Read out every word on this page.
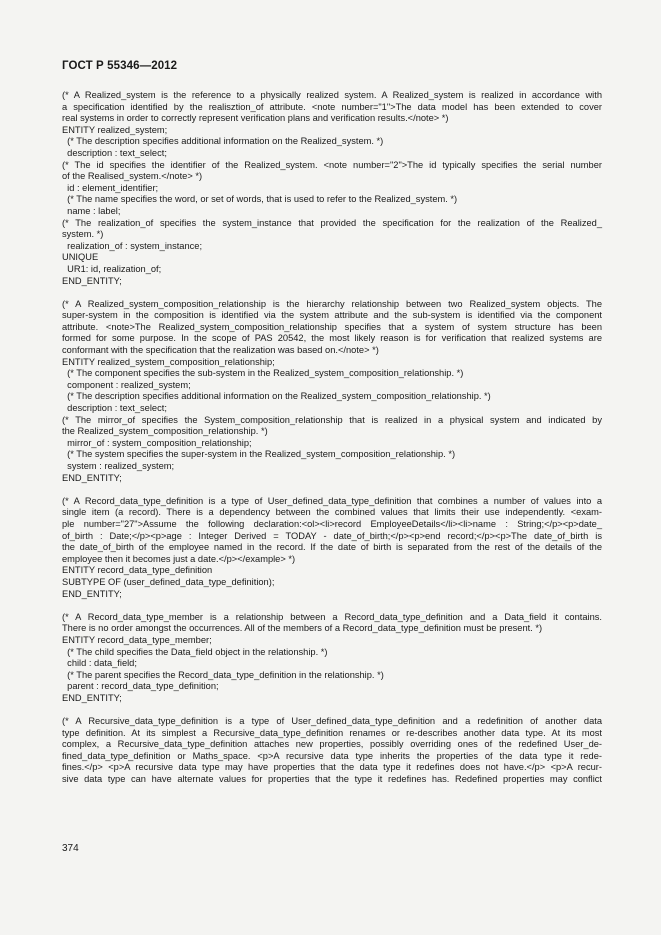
ГОСТ Р 55346—2012
(* A Realized_system is the reference to a physically realized system. A Realized_system is realized in accordance with
a specification identified by the realisztion_of attribute. <note number="1">The data model has been extended to cover
real systems in order to correctly represent verification plans and verification results.</note> *)
ENTITY realized_system;
(* The description specifies additional information on the Realized_system. *)
description : text_select;
(* The id specifies the identifier of the Realized_system. <note number="2">The id typically specifies the serial number
of the Realised_system.</note> *)
id : element_identifier;
(* The name specifies the word, or set of words, that is used to refer to the Realized_system. *)
name : label;
(* The realization_of specifies the system_instance that provided the specification for the realization of the Realized_
system. *)
realization_of : system_instance;
UNIQUE
UR1: id, realization_of;
END_ENTITY;
(* A Realized_system_composition_relationship is the hierarchy relationship between two Realized_system objects. The
super-system in the composition is identified via the system attribute and the sub-system is identified via the component
attribute. <note>The Realized_system_composition_relationship specifies that a system of system structure has been
formed for some purpose. In the scope of PAS 20542, the most likely reason is for verification that realized systems are
conformant with the specification that the realization was based on.</note> *)
ENTITY realized_system_composition_relationship;
(* The component specifies the sub-system in the Realized_system_composition_relationship. *)
component : realized_system;
(* The description specifies additional information on the Realized_system_composition_relationship. *)
description : text_select;
(* The mirror_of specifies the System_composition_relationship that is realized in a physical system and indicated by
the Realized_system_composition_relationship. *)
mirror_of : system_composition_relationship;
(* The system specifies the super-system in the Realized_system_composition_relationship. *)
system : realized_system;
END_ENTITY;
(* A Record_data_type_definition is a type of User_defined_data_type_definition that combines a number of values into a
single item (a record). There is a dependency between the combined values that limits their use independently. <exam-
ple number="27">Assume the following declaration:<ol><li>record EmployeeDetails</li><li>name : String;</p><p>date_
of_birth : Date;</p><p>age : Integer Derived = TODAY - date_of_birth;</p><p>end record;</p><p>The date_of_birth is
the date_of_birth of the employee named in the record. If the date of birth is separated from the rest of the details of the
employee then it becomes just a date.</p></example> *)
ENTITY record_data_type_definition
SUBTYPE OF (user_defined_data_type_definition);
END_ENTITY;
(* A Record_data_type_member is a relationship between a Record_data_type_definition and a Data_field it contains.
There is no order amongst the occurrences. All of the members of a Record_data_type_definition must be present. *)
ENTITY record_data_type_member;
(* The child specifies the Data_field object in the relationship. *)
child : data_field;
(* The parent specifies the Record_data_type_definition in the relationship. *)
parent : record_data_type_definition;
END_ENTITY;
(* A Recursive_data_type_definition is a type of User_defined_data_type_definition and a redefinition of another data
type definition. At its simplest a Recursive_data_type_definition renames or re-describes another data type. At its most
complex, a Recursive_data_type_definition attaches new properties, possibly overriding ones of the redefined User_de-
fined_data_type_definition or Maths_space. <p>A recursive data type inherits the properties of the data type it rede-
fines.</p> <p>A recursive data type may have properties that the data type it redefines does not have.</p> <p>A recur-
sive data type can have alternate values for properties that the type it redefines has. Redefined properties may conflict
374
